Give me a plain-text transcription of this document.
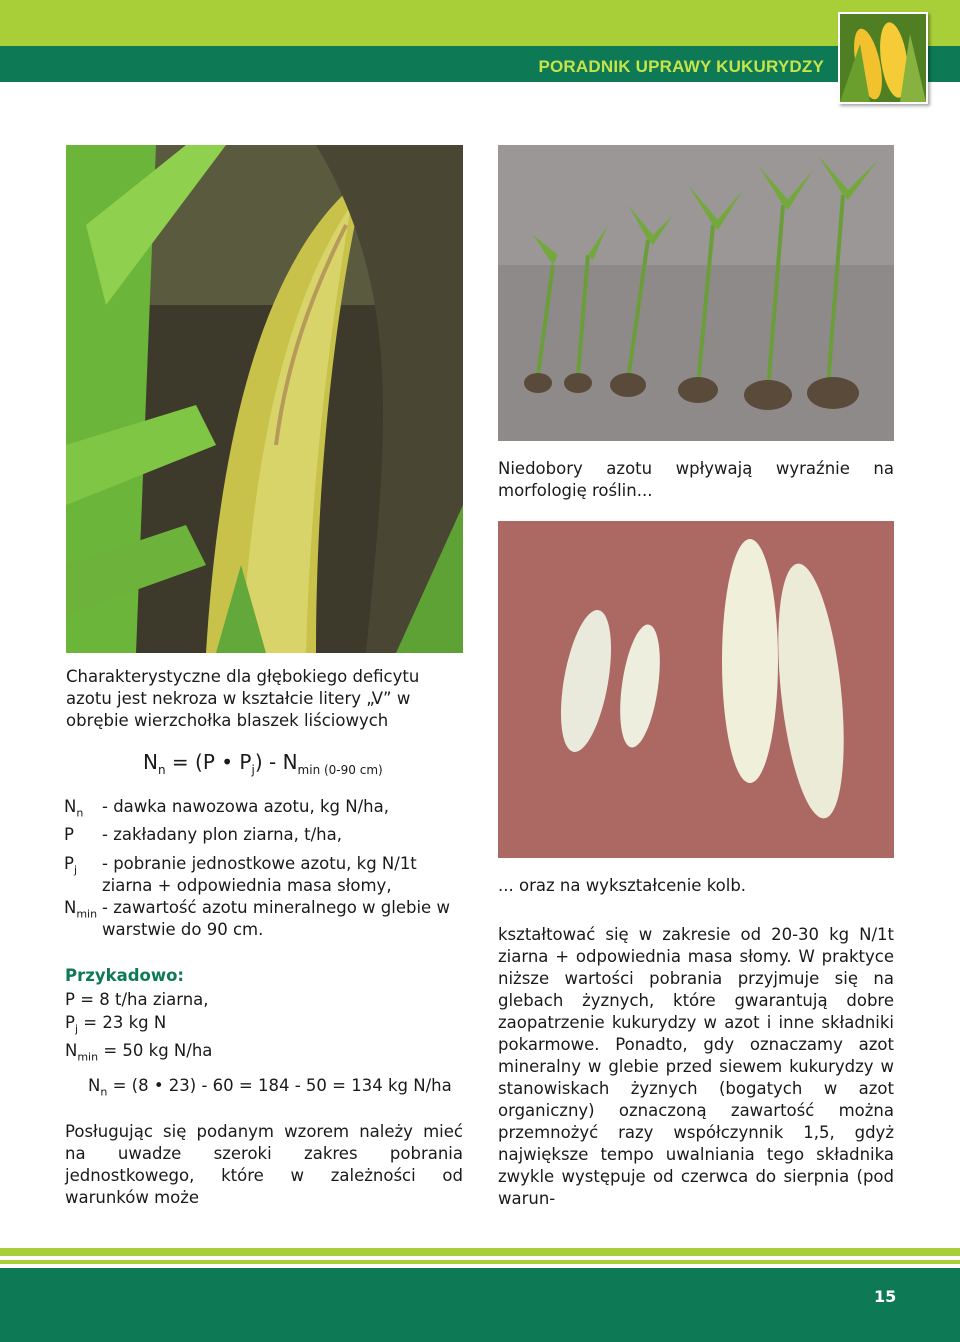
PORADNIK UPRAWY KUKURYDZY
Niedobory azotu wpływają wyraźnie na morfologię roślin...
Charakterystyczne dla głębokiego deficytu azotu jest nekroza w kształcie litery „V” w obrębie wierzchołka blaszek liściowych
$N_n = (P$ • $P_j) - N_{min (0-90 cm)}$
$N_n$	- dawka nawozowa azotu, kg N/ha,
P	- zakładany plon ziarna, t/ha,
$P_j$	- pobranie jednostkowe azotu, kg N/1t ziarna + odpowiednia masa słomy,
$N_{min}$ - zawartość azotu mineralnego w glebie w warstwie do 90 cm.
Przykadowo:
P = 8 t/ha ziarna,
$P_j = 23$ kg N
$N_{min} = 50$ kg N/ha
$N_n = (8$ • 23) - 60 = 184 - 50 = 134 kg N/ha
Posługując się podanym wzorem należy mieć na uwadze szeroki zakres pobrania jednostkowego, które w zależności od warunków może
... oraz na wykształcenie kolb.
kształtować się w zakresie od 20-30 kg N/1t ziarna + odpowiednia masa słomy. W praktyce niższe wartości pobrania przyjmuje się na glebach żyznych, które gwarantują dobre zaopatrzenie kukurydzy w azot i inne składniki pokarmowe. Ponadto, gdy oznaczamy azot mineralny w glebie przed siewem kukurydzy w stanowiskach żyznych (bogatych w azot organiczny) oznaczoną zawartość można przemnożyć razy współczynnik 1,5, gdyż największe tempo uwalniania tego składnika zwykle występuje od czerwca do sierpnia (pod warun-
15
